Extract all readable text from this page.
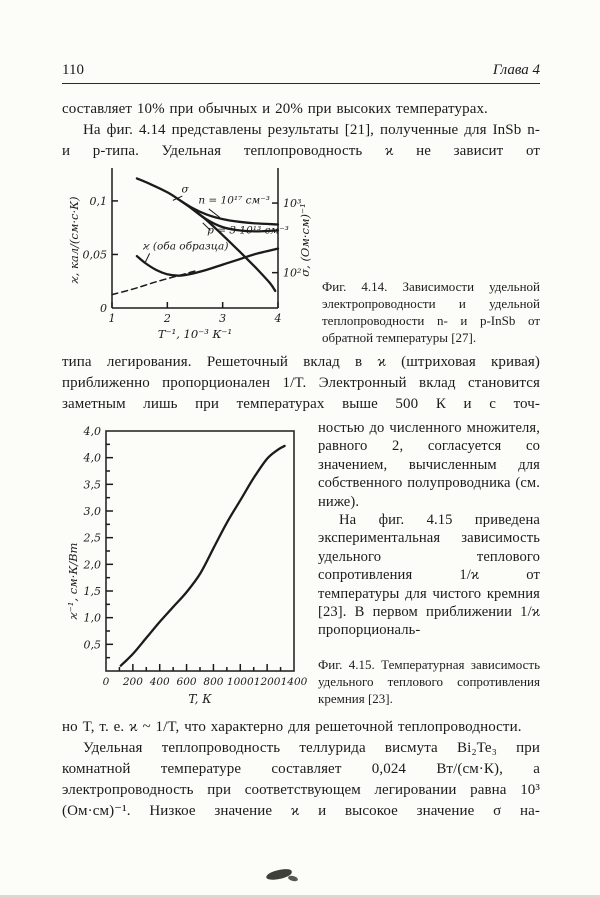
110	Глава 4

составляет 10% при обычных и 20% при высоких температурах.

На фиг. 4.14 представлены результаты [21], полученные для InSb n- и p-типа. Удельная теплопроводность ϰ не зависит от

0
0,05
0,1	10³
10²
1	2	3	4
T⁻¹, 10⁻³ К⁻¹
ϰ, кал/(см·с·К)	σ, (Ом·см)⁻¹
σ
n = 10¹⁷ см⁻³
p = 3·10¹³ см⁻³
ϰ (оба образца)
Фиг. 4.14. Зависимости удельной электропроводности и удельной теплопроводности n- и p-InSb от обратной температуры [27].

типа легирования. Решеточный вклад в ϰ (штриховая кривая) приближенно пропорционален 1/T. Электронный вклад становится заметным лишь при температурах выше 500 К и с точ-

4,0
4,0
3,5
3,0
2,5
2,0
1,5
1,0
0,5
0 200 400 600 800 1000 1200 1400
T, К
ϰ⁻¹, см·К/Вт

ностью до численного множителя, равного 2, согласуется со значением, вычисленным для собственного полупроводника (см. ниже).

На фиг. 4.15 приведена экспериментальная зависимость удельного теплового сопротивления 1/ϰ от температуры для чистого кремния [23]. В первом приближении 1/ϰ пропорциональ-

Фиг. 4.15. Температурная зависимость удельного теплового сопротивления кремния [23].

но T, т. е. ϰ ~ 1/T, что характерно для решеточной теплопроводности.

Удельная теплопроводность теллурида висмута Bi₂Te₃ при комнатной температуре составляет 0,024 Вт/(см·К), а электропроводность при соответствующем легировании равна 10³ (Ом·см)⁻¹. Низкое значение ϰ и высокое значение σ на-
